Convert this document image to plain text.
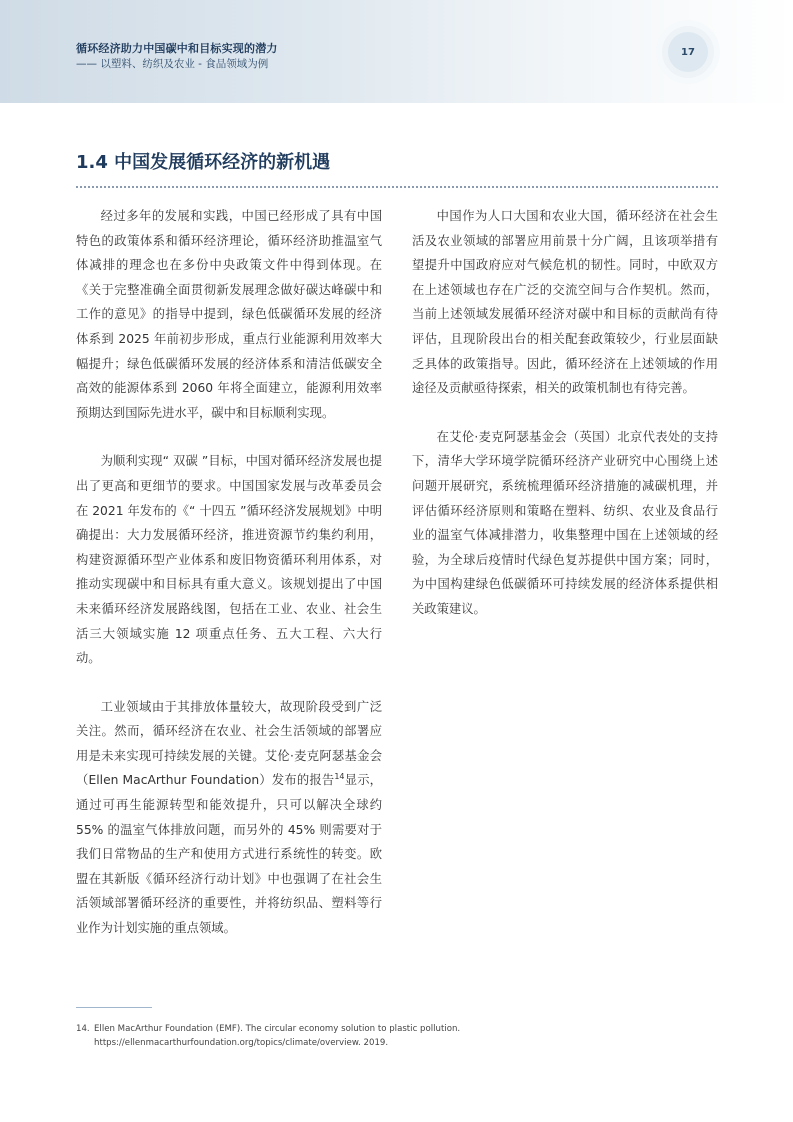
循环经济助力中国碳中和目标实现的潜力
—— 以塑料、纺织及农业 - 食品领域为例
17
1.4 中国发展循环经济的新机遇

经过多年的发展和实践，中国已经形成了具有中国特色的政策体系和循环经济理论，循环经济助推温室气体减排的理念也在多份中央政策文件中得到体现。在《关于完整准确全面贯彻新发展理念做好碳达峰碳中和工作的意见》的指导中提到，绿色低碳循环发展的经济体系到 2025 年前初步形成，重点行业能源利用效率大幅提升；绿色低碳循环发展的经济体系和清洁低碳安全高效的能源体系到 2060 年将全面建立，能源利用效率预期达到国际先进水平，碳中和目标顺利实现。

为顺利实现“ 双碳 ”目标，中国对循环经济发展也提出了更高和更细节的要求。中国国家发展与改革委员会在 2021 年发布的《“ 十四五 ”循环经济发展规划》中明确提出：大力发展循环经济，推进资源节约集约利用，构建资源循环型产业体系和废旧物资循环利用体系，对推动实现碳中和目标具有重大意义。该规划提出了中国未来循环经济发展路线图，包括在工业、农业、社会生活三大领域实施 12 项重点任务、五大工程、六大行动。

工业领域由于其排放体量较大，故现阶段受到广泛关注。然而，循环经济在农业、社会生活领域的部署应用是未来实现可持续发展的关键。艾伦·麦克阿瑟基金会（Ellen MacArthur Foundation）发布的报告$^{14}$显示，通过可再生能源转型和能效提升，只可以解决全球约 55% 的温室气体排放问题，而另外的 45% 则需要对于我们日常物品的生产和使用方式进行系统性的转变。欧盟在其新版《循环经济行动计划》中也强调了在社会生活领域部署循环经济的重要性，并将纺织品、塑料等行业作为计划实施的重点领域。

中国作为人口大国和农业大国，循环经济在社会生活及农业领域的部署应用前景十分广阔，且该项举措有望提升中国政府应对气候危机的韧性。同时，中欧双方在上述领域也存在广泛的交流空间与合作契机。然而，当前上述领域发展循环经济对碳中和目标的贡献尚有待评估，且现阶段出台的相关配套政策较少，行业层面缺乏具体的政策指导。因此，循环经济在上述领域的作用途径及贡献亟待探索，相关的政策机制也有待完善。

在艾伦·麦克阿瑟基金会（英国）北京代表处的支持下，清华大学环境学院循环经济产业研究中心围绕上述问题开展研究，系统梳理循环经济措施的减碳机理，并评估循环经济原则和策略在塑料、纺织、农业及食品行业的温室气体减排潜力，收集整理中国在上述领域的经验，为全球后疫情时代绿色复苏提供中国方案；同时，为中国构建绿色低碳循环可持续发展的经济体系提供相关政策建议。

14. Ellen MacArthur Foundation (EMF). The circular economy solution to plastic pollution. https://ellenmacarthurfoundation.org/topics/climate/overview. 2019.
